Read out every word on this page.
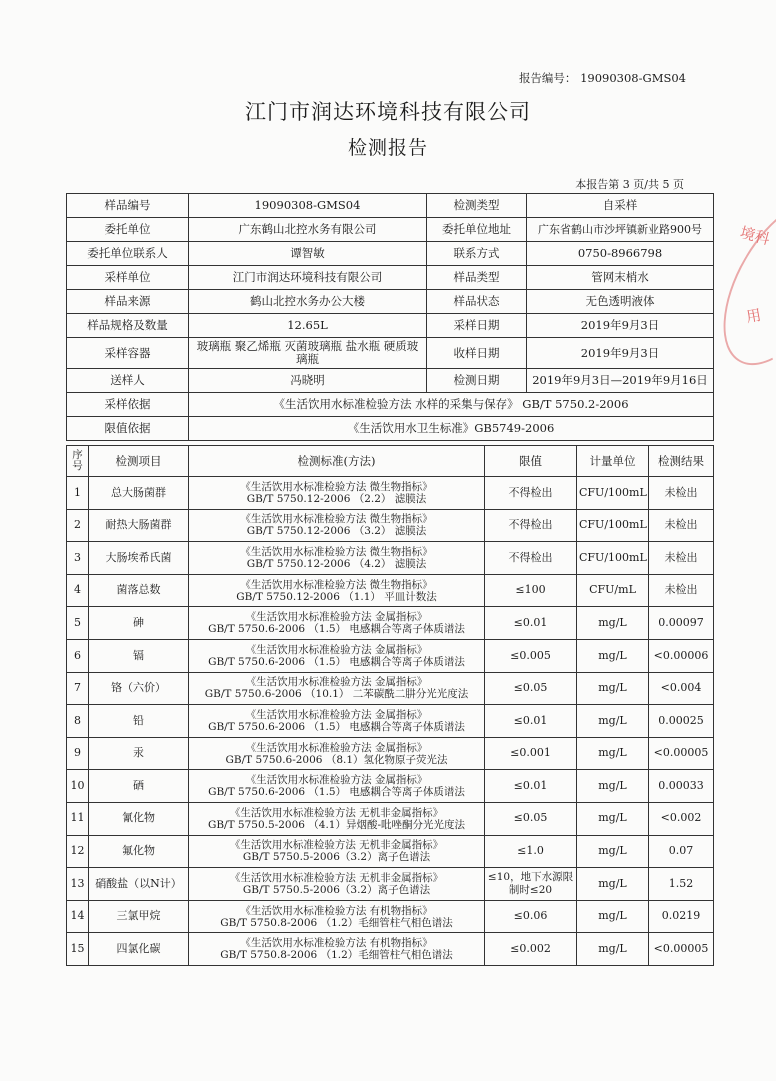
报告编号： 19090308-GMS04
江门市润达环境科技有限公司
检测报告
本报告第 3 页/共 5 页
样品编号	19090308-GMS04	检测类型	自采样
委托单位	广东鹤山北控水务有限公司	委托单位地址	广东省鹤山市沙坪镇新业路900号
委托单位联系人	谭智敏	联系方式	0750-8966798
采样单位	江门市润达环境科技有限公司	样品类型	管网末梢水
样品来源	鹤山北控水务办公大楼	样品状态	无色透明液体
样品规格及数量	12.65L	采样日期	2019年9月3日
采样容器	玻璃瓶 聚乙烯瓶 灭菌玻璃瓶 盐水瓶 硬质玻璃瓶	收样日期	2019年9月3日
送样人	冯晓明	检测日期	2019年9月3日—2019年9月16日
采样依据	《生活饮用水标准检验方法 水样的采集与保存》 GB/T 5750.2-2006		
限值依据	《生活饮用水卫生标准》GB5749-2006		
序号	检测项目	检测标准(方法)	限值	计量单位	检测结果
1	总大肠菌群	《生活饮用水标准检验方法 微生物指标》
GB/T 5750.12-2006 （2.2） 滤膜法	不得检出	CFU/100mL	未检出
2	耐热大肠菌群	《生活饮用水标准检验方法 微生物指标》
GB/T 5750.12-2006 （3.2） 滤膜法	不得检出	CFU/100mL	未检出
3	大肠埃希氏菌	《生活饮用水标准检验方法 微生物指标》
GB/T 5750.12-2006 （4.2） 滤膜法	不得检出	CFU/100mL	未检出
4	菌落总数	《生活饮用水标准检验方法 微生物指标》
GB/T 5750.12-2006 （1.1） 平皿计数法	≤100	CFU/mL	未检出
5	砷	《生活饮用水标准检验方法 金属指标》
GB/T 5750.6-2006 （1.5） 电感耦合等离子体质谱法	≤0.01	mg/L	0.00097
6	镉	《生活饮用水标准检验方法 金属指标》
GB/T 5750.6-2006 （1.5） 电感耦合等离子体质谱法	≤0.005	mg/L	<0.00006
7	铬（六价）	《生活饮用水标准检验方法 金属指标》
GB/T 5750.6-2006 （10.1） 二苯碳酰二肼分光光度法	≤0.05	mg/L	<0.004
8	铅	《生活饮用水标准检验方法 金属指标》
GB/T 5750.6-2006 （1.5） 电感耦合等离子体质谱法	≤0.01	mg/L	0.00025
9	汞	《生活饮用水标准检验方法 金属指标》
GB/T 5750.6-2006 （8.1）氢化物原子荧光法	≤0.001	mg/L	<0.00005
10	硒	《生活饮用水标准检验方法 金属指标》
GB/T 5750.6-2006 （1.5） 电感耦合等离子体质谱法	≤0.01	mg/L	0.00033
11	氰化物	《生活饮用水标准检验方法 无机非金属指标》
GB/T 5750.5-2006 （4.1）异烟酸-吡唑酮分光光度法	≤0.05	mg/L	<0.002
12	氟化物	《生活饮用水标准检验方法 无机非金属指标》
GB/T 5750.5-2006（3.2）离子色谱法	≤1.0	mg/L	0.07
13	硝酸盐（以N计）	《生活饮用水标准检验方法 无机非金属指标》
GB/T 5750.5-2006（3.2）离子色谱法	≤10，地下水源限制时≤20	mg/L	1.52
14	三氯甲烷	《生活饮用水标准检验方法 有机物指标》
GB/T 5750.8-2006 （1.2）毛细管柱气相色谱法	≤0.06	mg/L	0.0219
15	四氯化碳	《生活饮用水标准检验方法 有机物指标》
GB/T 5750.8-2006 （1.2）毛细管柱气相色谱法	≤0.002	mg/L	<0.00005
境科
用
